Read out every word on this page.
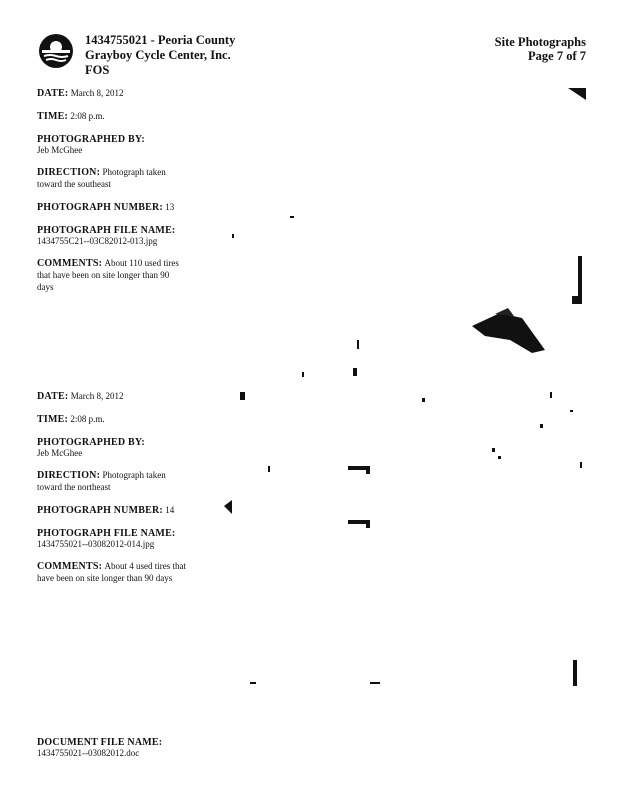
1434755021 - Peoria County
Grayboy Cycle Center, Inc.
FOS
Site Photographs
Page 7 of 7
DATE: March 8, 2012
TIME: 2:08 p.m.
PHOTOGRAPHED BY:
Jeb McGhee
DIRECTION: Photograph taken toward the southeast
PHOTOGRAPH NUMBER: 13
PHOTOGRAPH FILE NAME:
1434755C21--03C82012-013.jpg
COMMENTS: About 110 used tires that have been on site longer than 90 days
DATE: March 8, 2012
TIME: 2:08 p.m.
PHOTOGRAPHED BY:
Jeb McGhee
DIRECTION: Photograph taken toward the northeast
PHOTOGRAPH NUMBER: 14
PHOTOGRAPH FILE NAME:
1434755021--03082012-014.jpg
COMMENTS: About 4 used tires that have been on site longer than 90 days
DOCUMENT FILE NAME:
1434755021--03082012.doc
